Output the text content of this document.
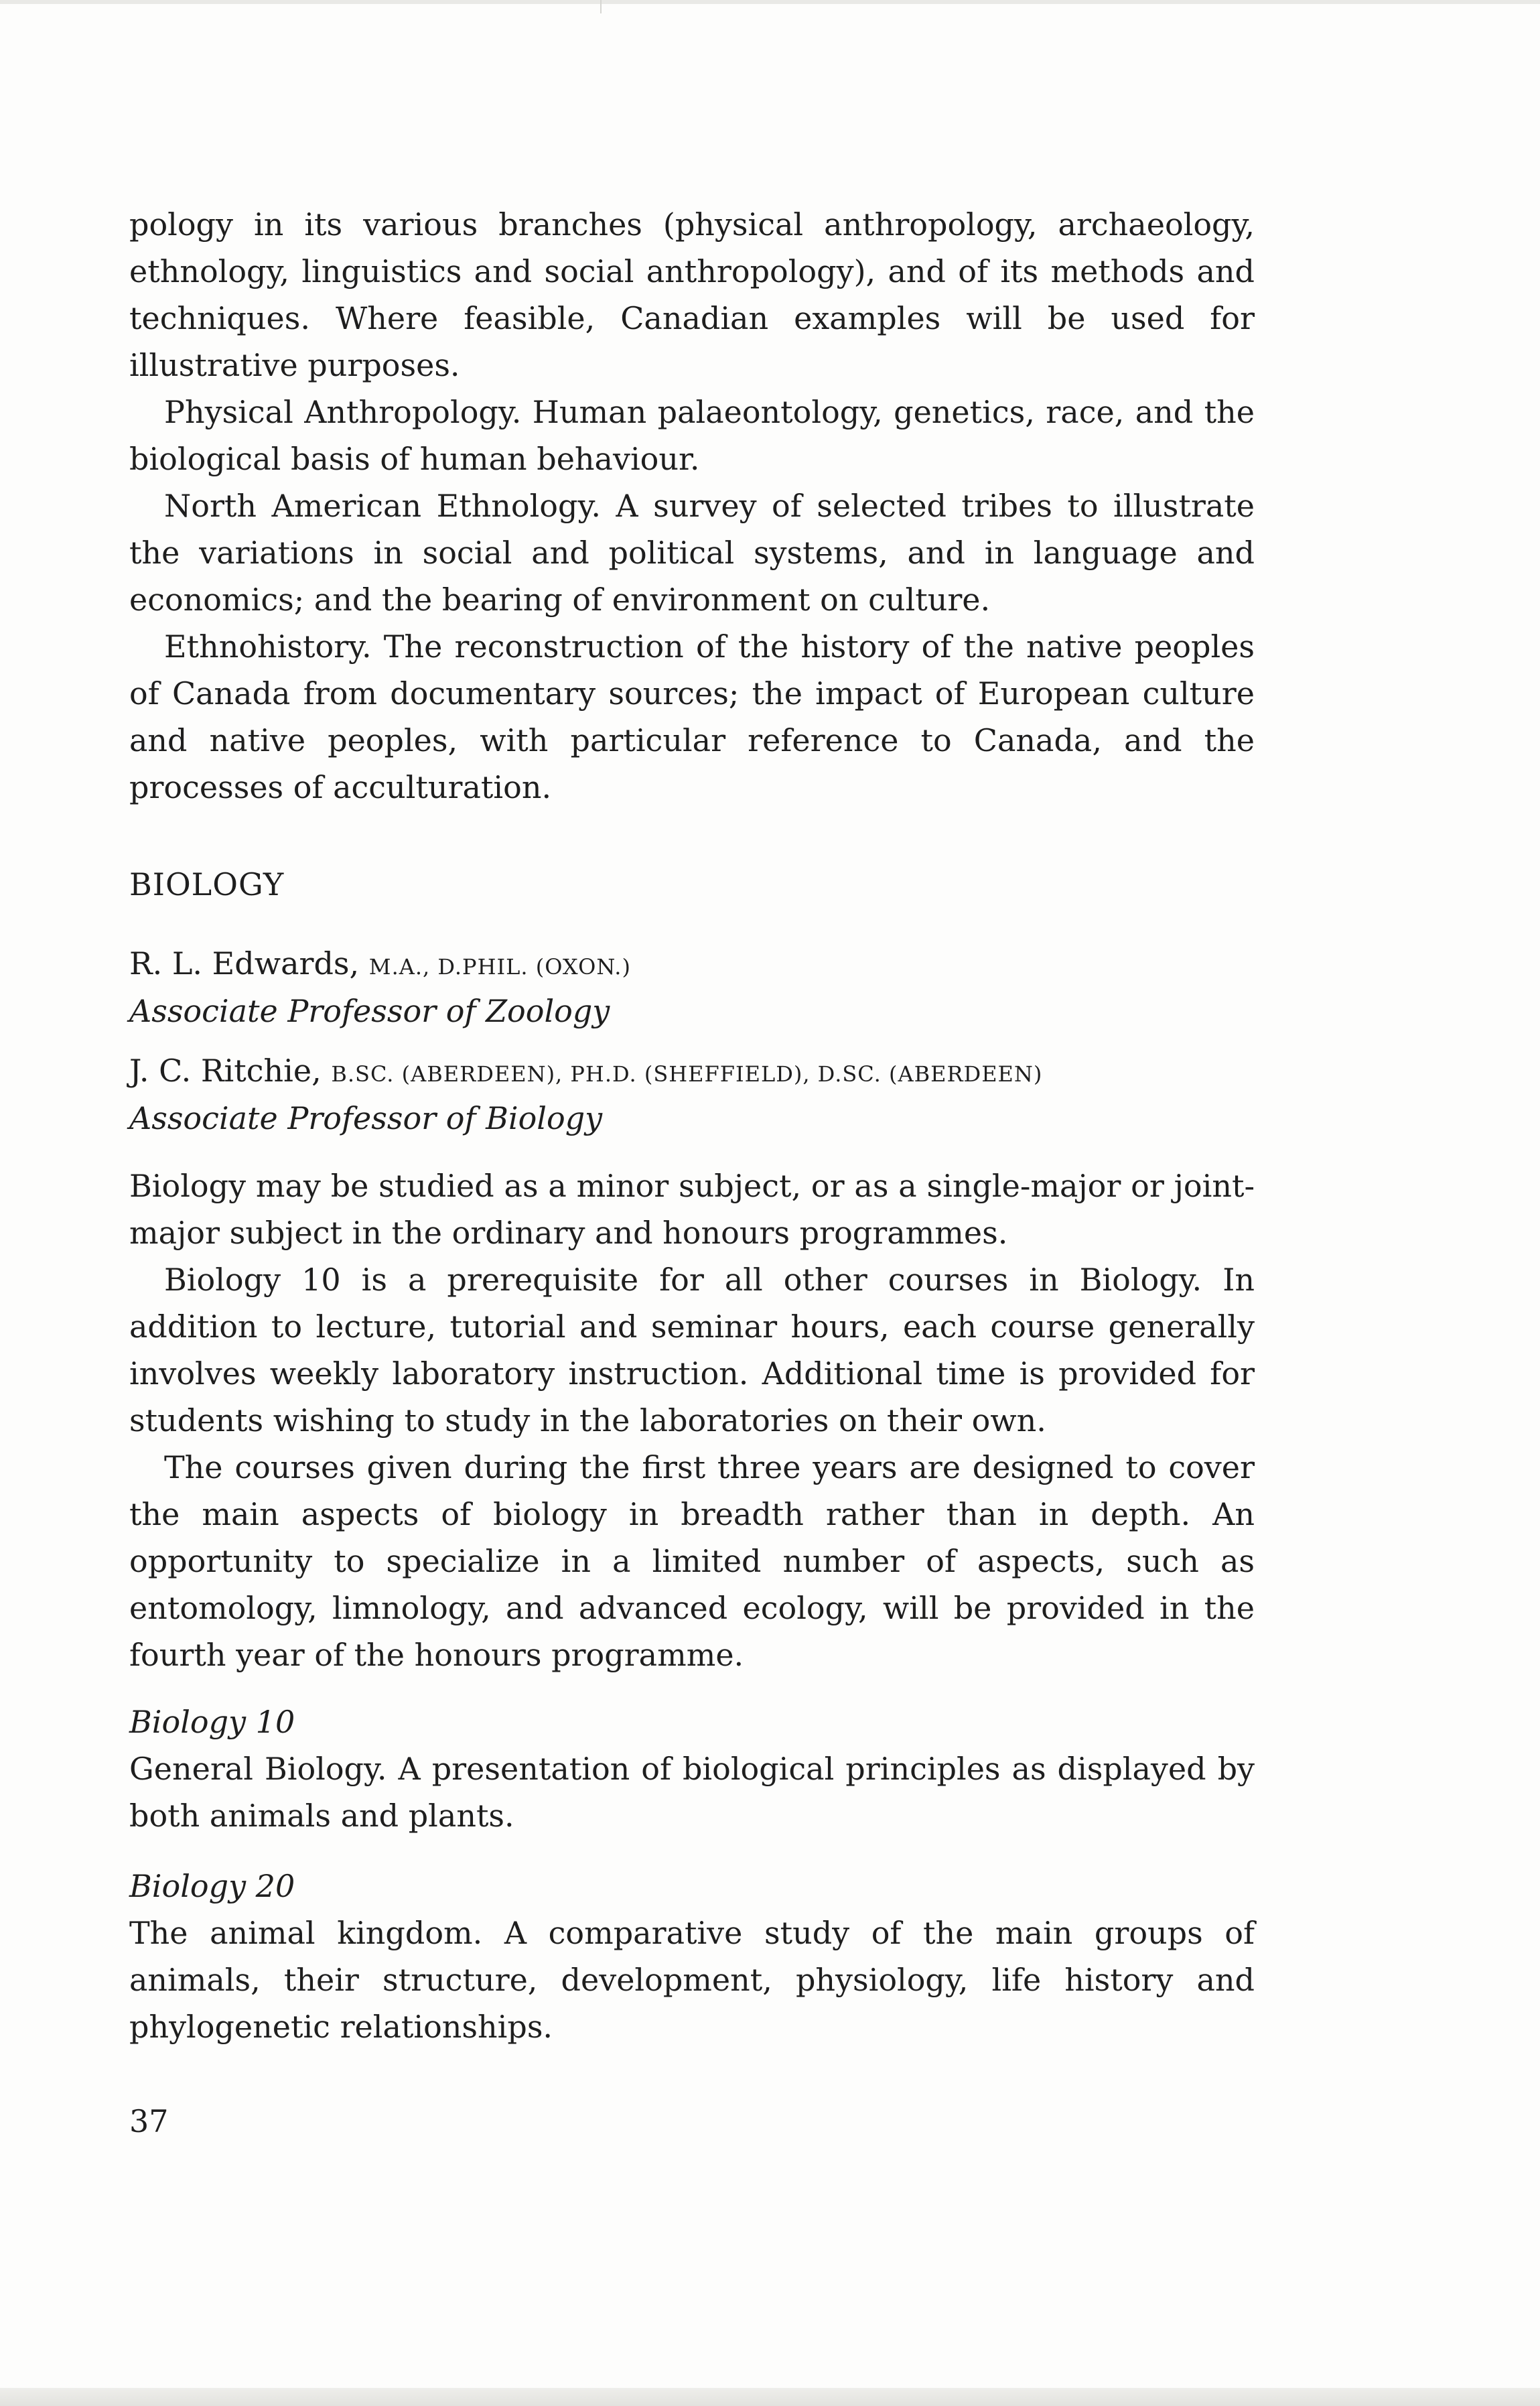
pology in its various branches (physical anthropology, archaeology, ethnology, linguistics and social anthropology), and of its methods and techniques. Where feasible, Canadian examples will be used for illustrative purposes.

Physical Anthropology. Human palaeontology, genetics, race, and the biological basis of human behaviour.

North American Ethnology. A survey of selected tribes to illustrate the variations in social and political systems, and in language and economics; and the bearing of environment on culture.

Ethnohistory. The reconstruction of the history of the native peoples of Canada from documentary sources; the impact of European culture and native peoples, with particular reference to Canada, and the processes of acculturation.

BIOLOGY
R. L. Edwards, M.A., D.PHIL. (OXON.)
Associate Professor of Zoology
J. C. Ritchie, B.SC. (ABERDEEN), PH.D. (SHEFFIELD), D.SC. (ABERDEEN)
Associate Professor of Biology

Biology may be studied as a minor subject, or as a single-major or joint-major subject in the ordinary and honours programmes.

Biology 10 is a prerequisite for all other courses in Biology. In addition to lecture, tutorial and seminar hours, each course generally involves weekly laboratory instruction. Additional time is provided for students wishing to study in the laboratories on their own.

The courses given during the first three years are designed to cover the main aspects of biology in breadth rather than in depth. An opportunity to specialize in a limited number of aspects, such as entomology, limnology, and advanced ecology, will be provided in the fourth year of the honours programme.

Biology 10

General Biology. A presentation of biological principles as displayed by both animals and plants.

Biology 20

The animal kingdom. A comparative study of the main groups of animals, their structure, development, physiology, life history and phylogenetic relationships.

37
